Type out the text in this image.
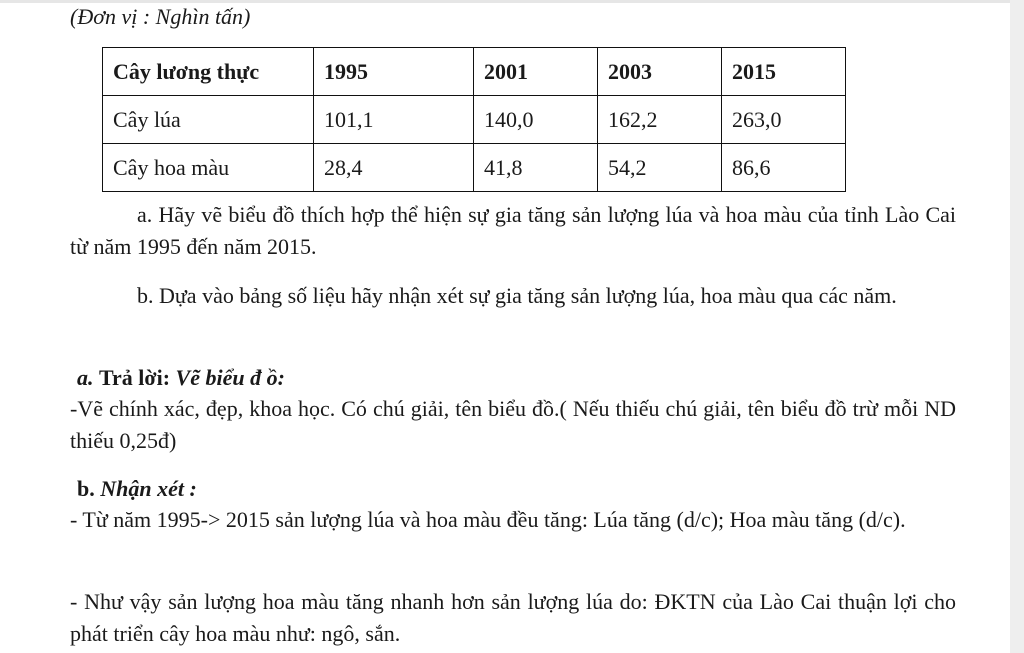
(Đơn vị : Nghìn tấn)
Cây lương thực	1995	2001	2003	2015
Cây lúa	101,1	140,0	162,2	263,0
Cây hoa màu	28,4	41,8	54,2	86,6
a. Hãy vẽ biểu đồ thích hợp thể hiện sự gia tăng sản lượng lúa và hoa màu của tỉnh Lào Cai từ năm 1995 đến năm 2015.
b. Dựa vào bảng số liệu hãy nhận xét sự gia tăng sản lượng lúa, hoa màu qua các năm.
a. Trả lời: Vẽ biểu đ ồ:
-Vẽ chính xác, đẹp, khoa học. Có chú giải, tên biểu đồ.( Nếu thiếu chú giải, tên biểu đồ trừ mỗi ND thiếu 0,25đ)
b. Nhận xét :
- Từ năm 1995-> 2015 sản lượng lúa và hoa màu đều tăng: Lúa tăng (d/c); Hoa màu tăng (d/c).
- Như vậy sản lượng hoa màu tăng nhanh hơn sản lượng lúa do: ĐKTN của Lào Cai thuận lợi cho phát triển cây hoa màu như: ngô, sắn.
